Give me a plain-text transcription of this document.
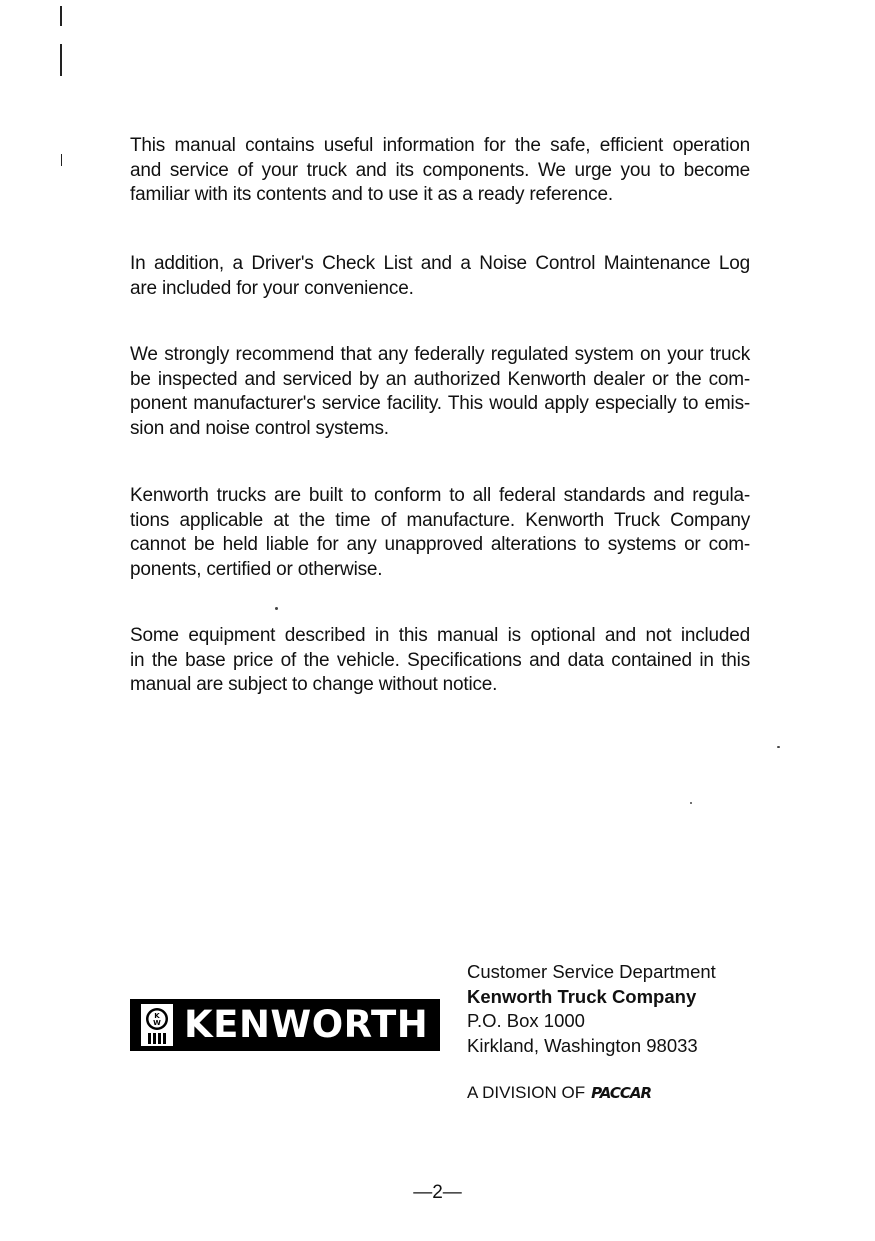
This manual contains useful information for the safe, efficient operation
and service of your truck and its components. We urge you to become
familiar with its contents and to use it as a ready reference.

In addition, a Driver's Check List and a Noise Control Maintenance Log
are included for your convenience.

We strongly recommend that any federally regulated system on your truck
be inspected and serviced by an authorized Kenworth dealer or the com-
ponent manufacturer's service facility. This would apply especially to emis-
sion and noise control systems.

Kenworth trucks are built to conform to all federal standards and regula-
tions applicable at the time of manufacture. Kenworth Truck Company
cannot be held liable for any unapproved alterations to systems or com-
ponents, certified or otherwise.

Some equipment described in this manual is optional and not included
in the base price of the vehicle. Specifications and data contained in this
manual are subject to change without notice.

K
W KENWORTH

Customer Service Department
Kenworth Truck Company
P.O. Box 1000
Kirkland, Washington 98033

A DIVISION OF PACCAR
—2—
